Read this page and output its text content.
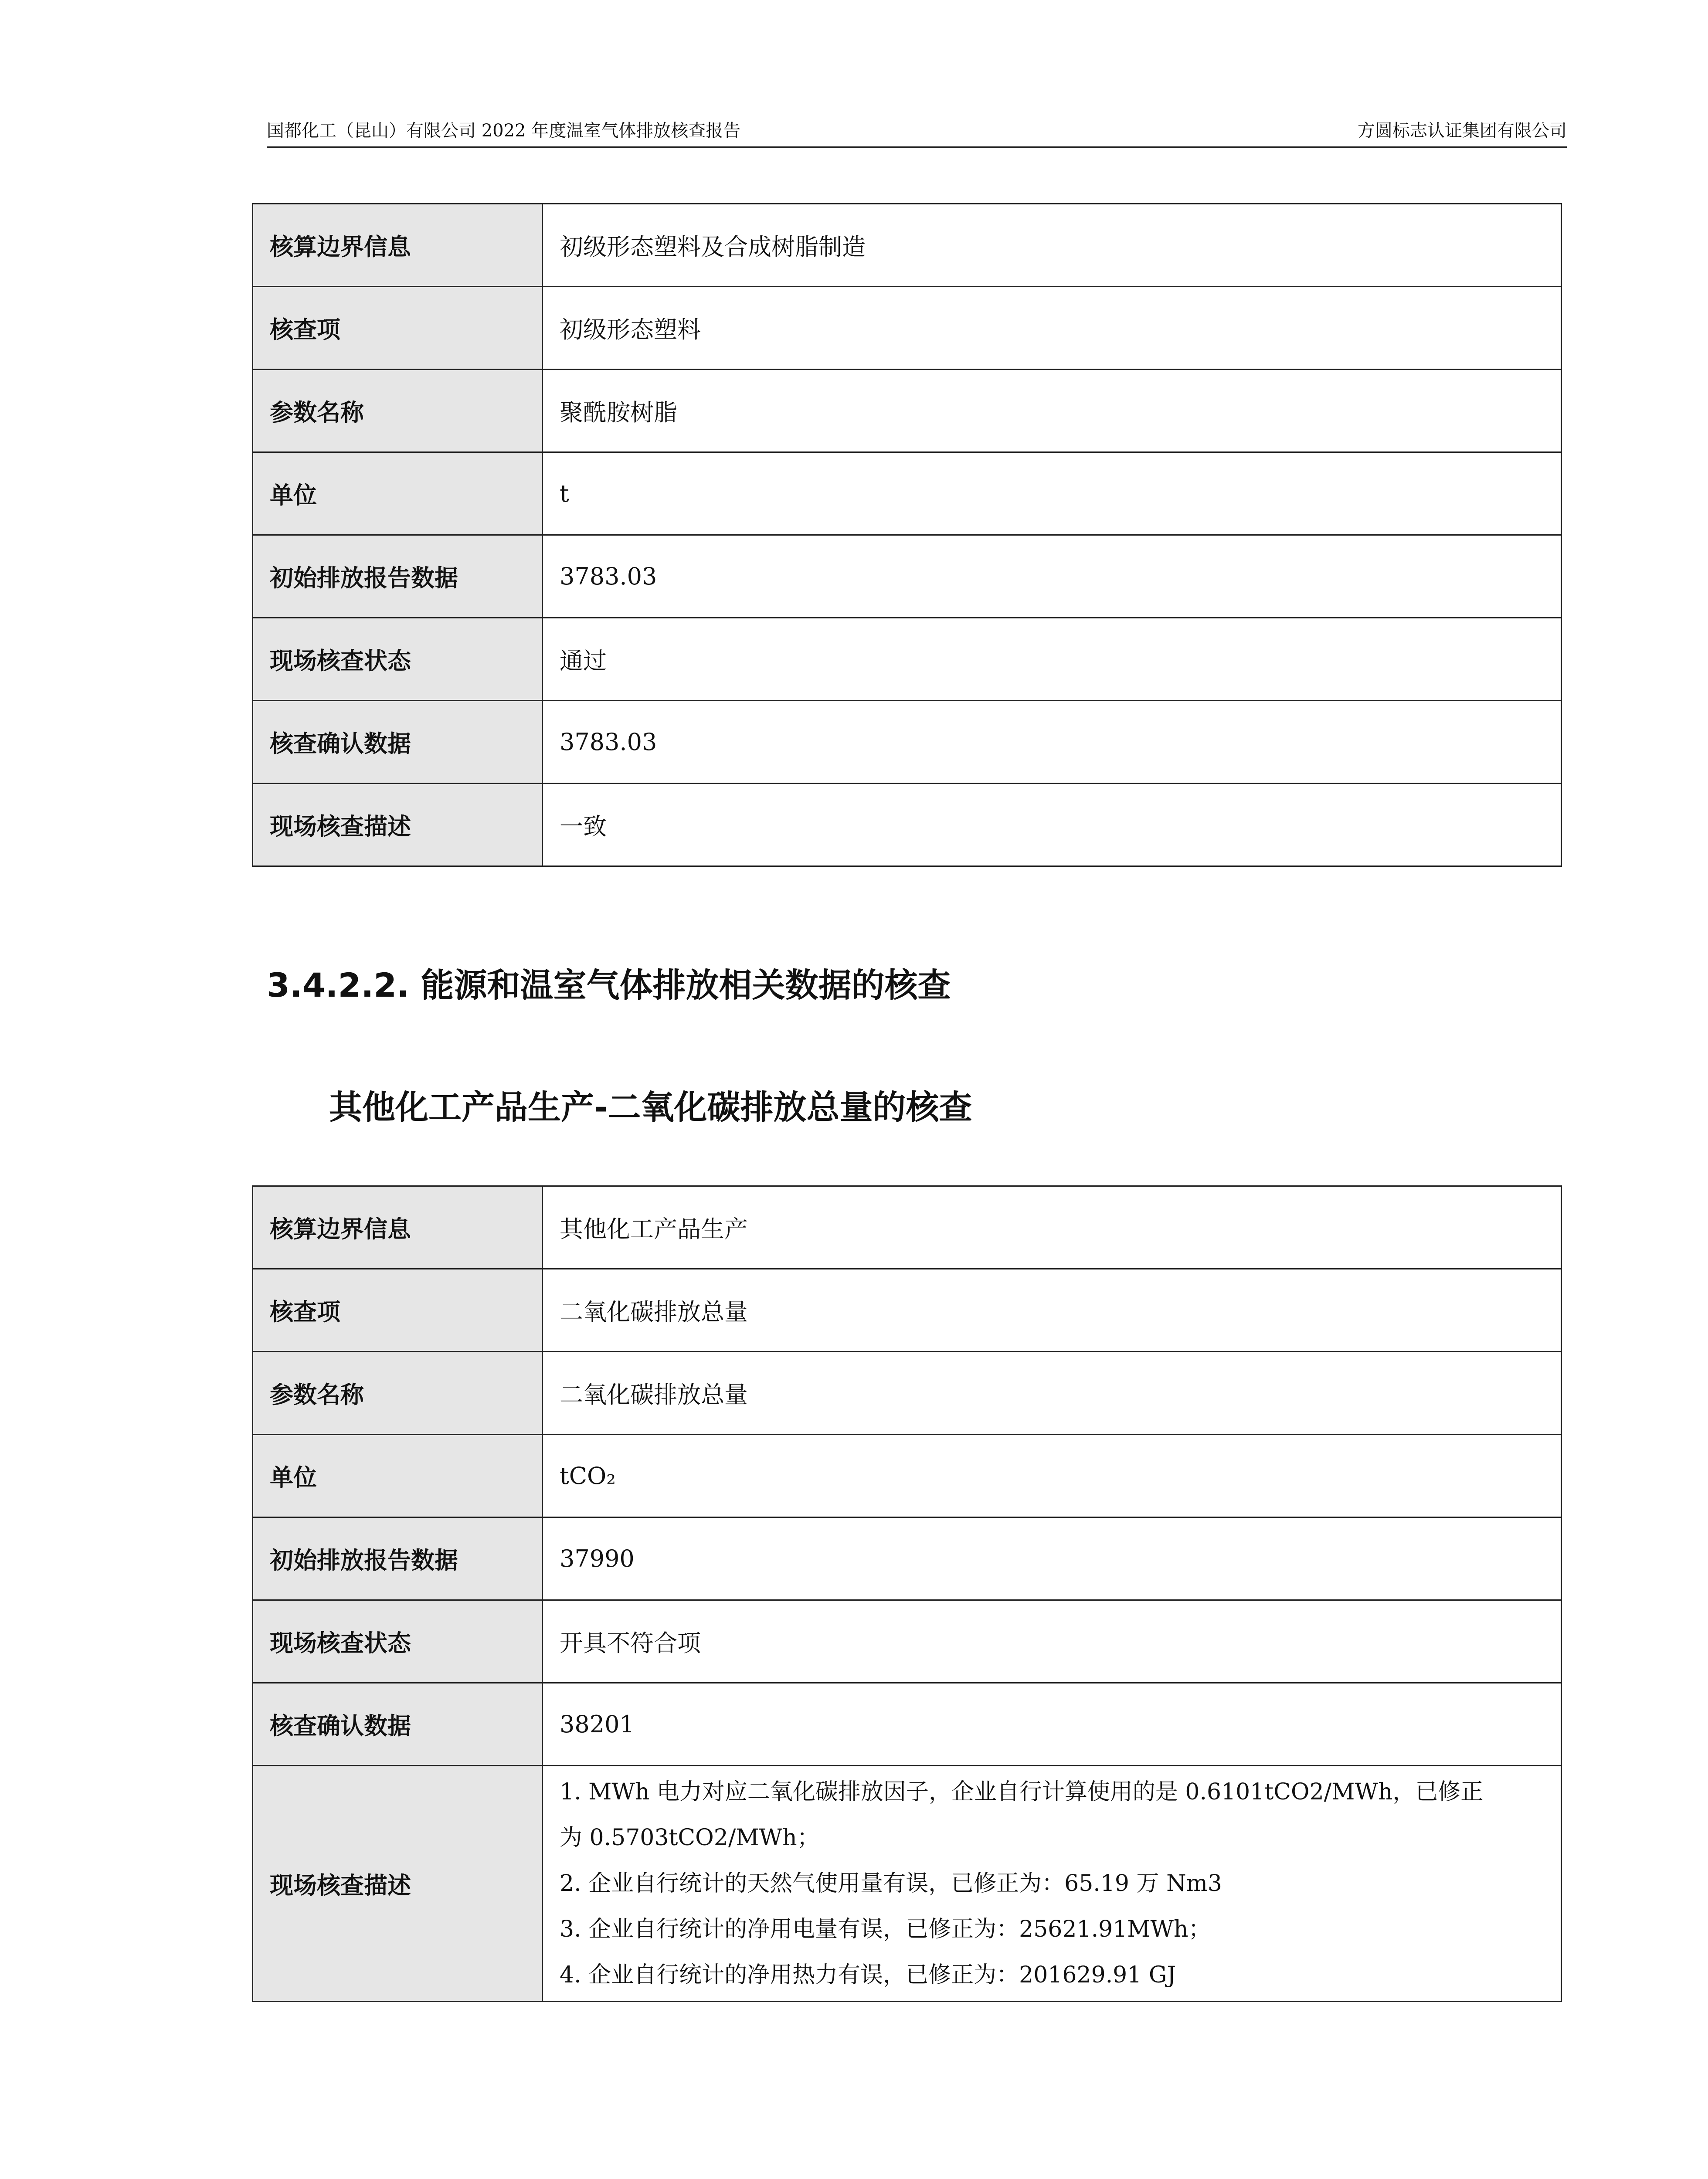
国都化工（昆山）有限公司 2022 年度温室气体排放核查报告	方圆标志认证集团有限公司
核算边界信息	初级形态塑料及合成树脂制造
核查项	初级形态塑料
参数名称	聚酰胺树脂
单位	t
初始排放报告数据	3783.03
现场核查状态	通过
核查确认数据	3783.03
现场核查描述	一致
3.4.2.2. 能源和温室气体排放相关数据的核查
其他化工产品生产-二氧化碳排放总量的核查
核算边界信息	其他化工产品生产
核查项	二氧化碳排放总量
参数名称	二氧化碳排放总量
单位	tCO₂
初始排放报告数据	37990
现场核查状态	开具不符合项
核查确认数据	38201
现场核查描述	1. MWh 电力对应二氧化碳排放因子，企业自行计算使用的是 0.6101tCO2/MWh，已修正
为 0.5703tCO2/MWh；
2. 企业自行统计的天然气使用量有误，已修正为：65.19 万 Nm3
3. 企业自行统计的净用电量有误，已修正为：25621.91MWh；
4. 企业自行统计的净用热力有误，已修正为：201629.91 GJ
